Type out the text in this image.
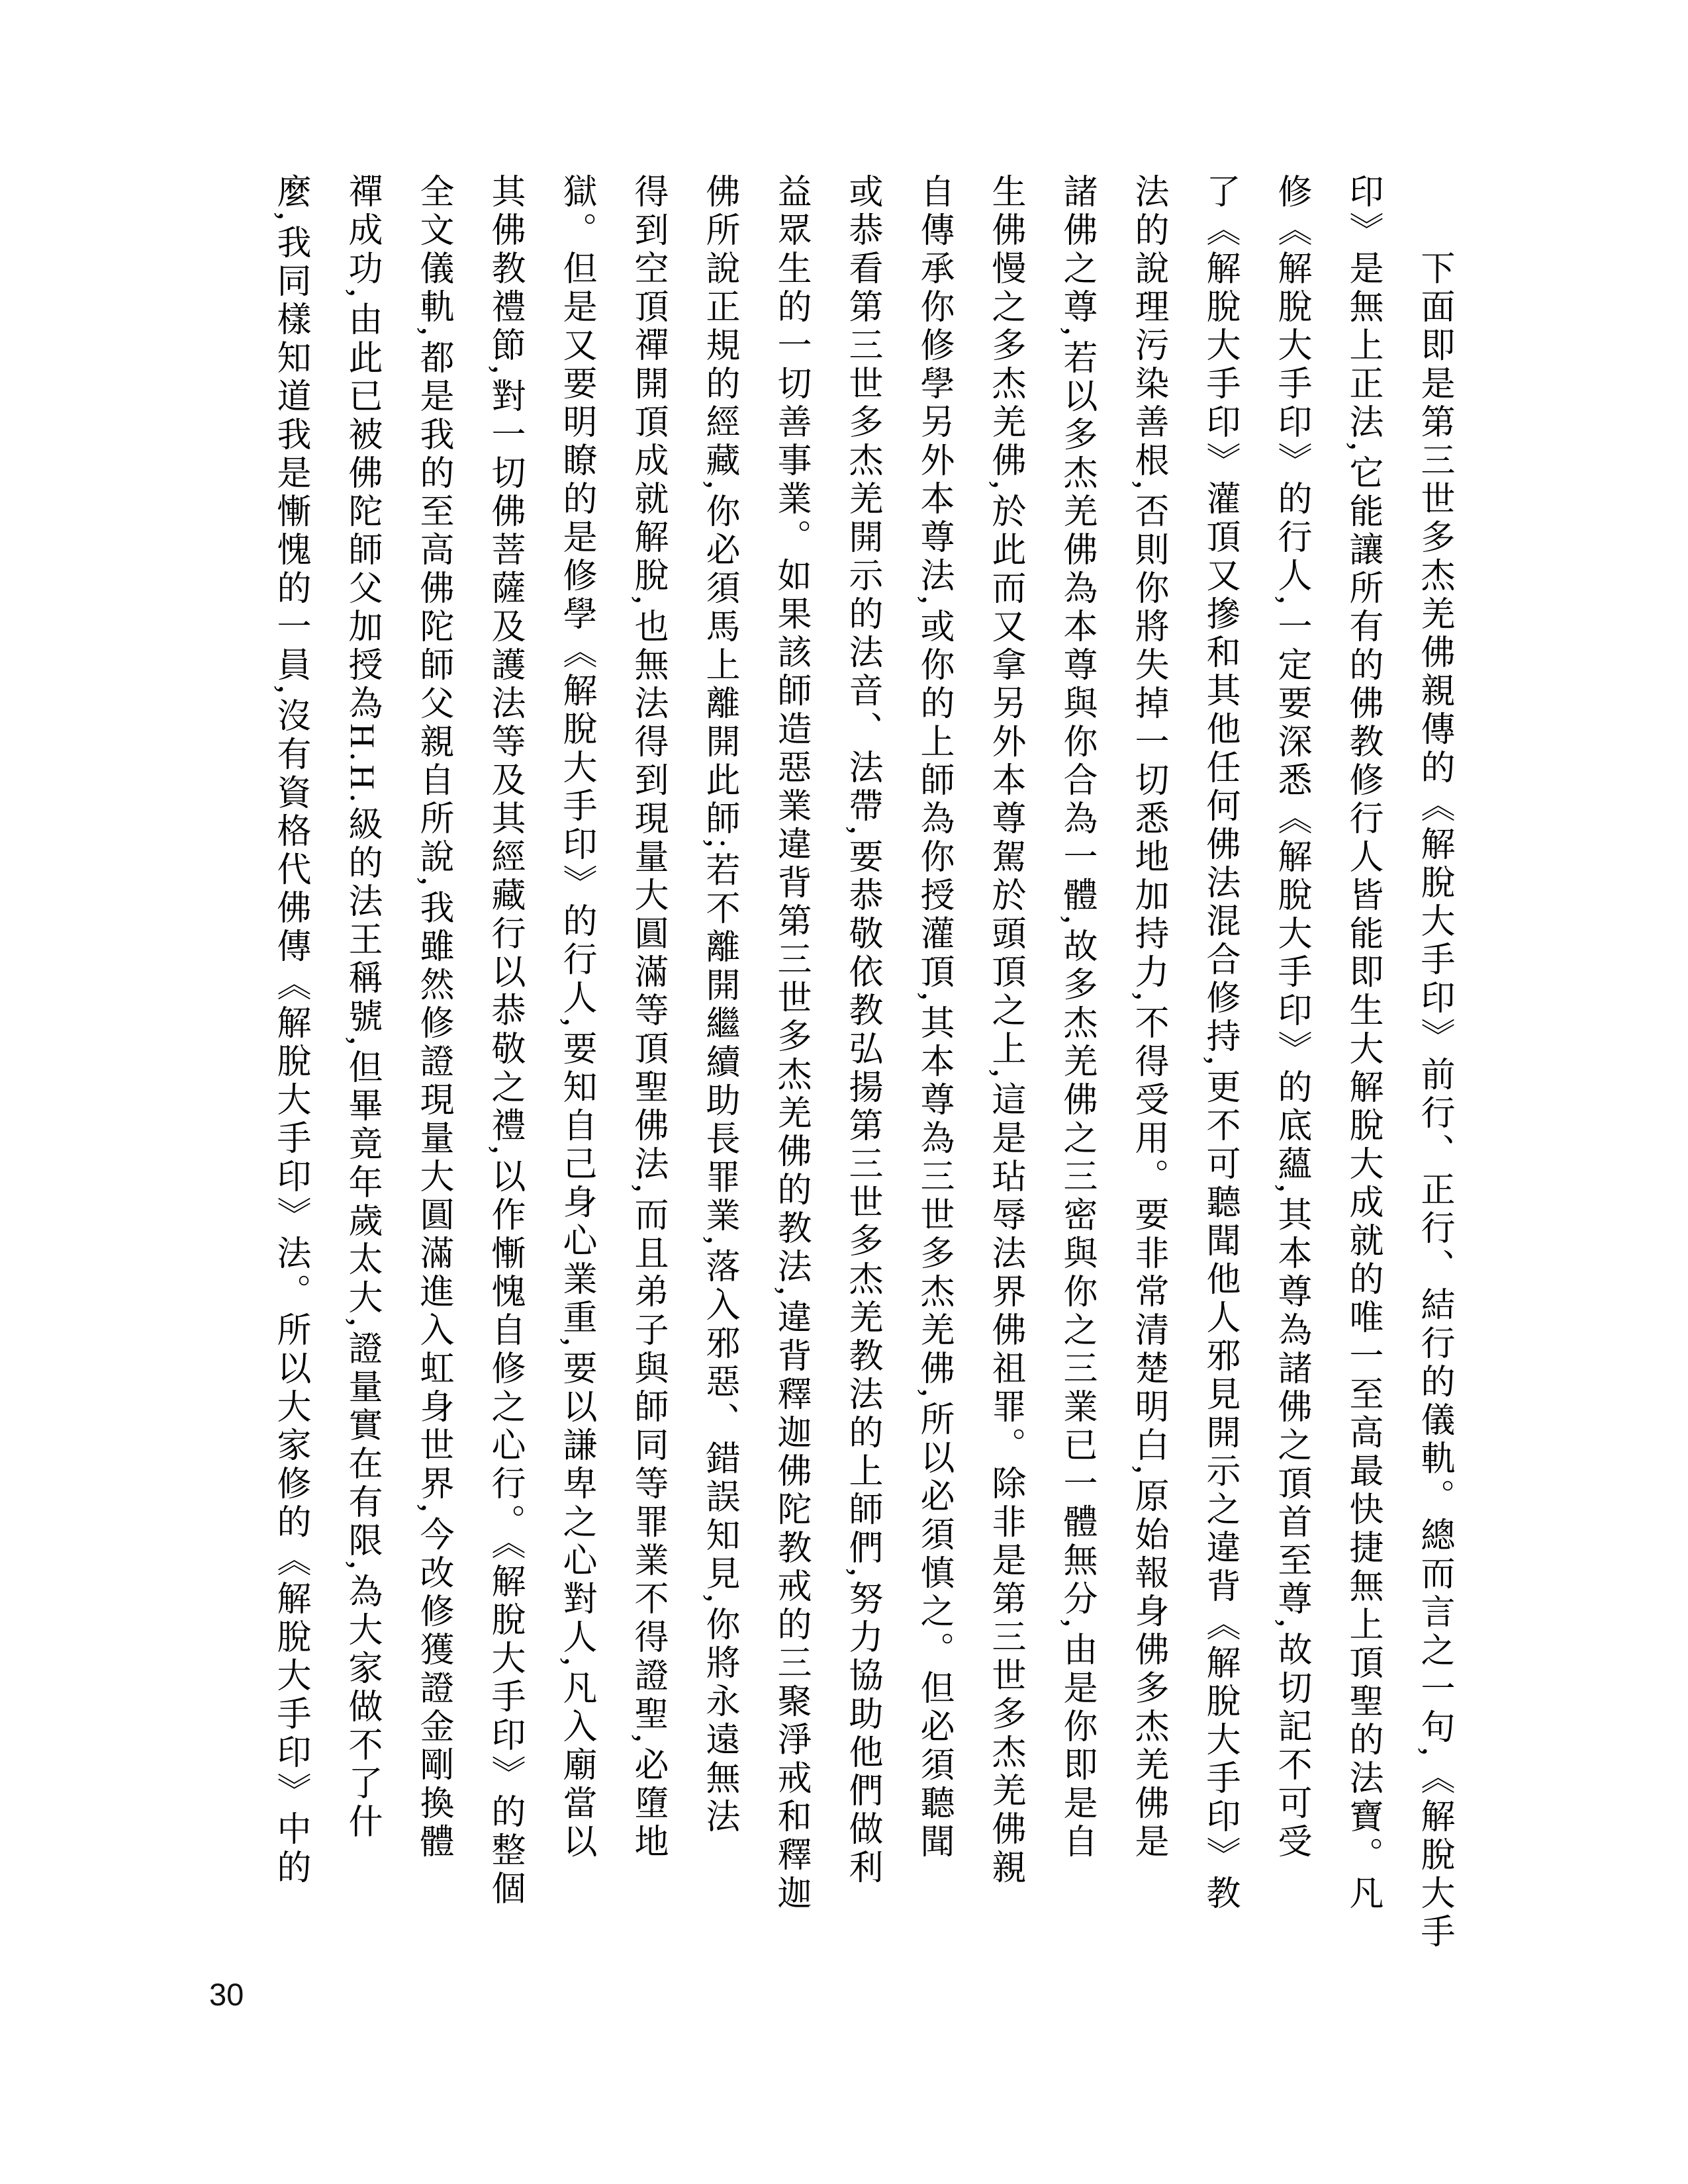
下面即是第三世多杰羌佛親傳的《解脫大手印》前行、正行、結行的儀軌。總而言之一句,《解脫大手
印》是無上正法,它能讓所有的佛教修行人皆能即生大解脫大成就的唯一至高最快捷無上頂聖的法寶。凡
修《解脫大手印》的行人,一定要深悉《解脫大手印》的底蘊,其本尊為諸佛之頂首至尊,故切記不可受
了《解脫大手印》灌頂又摻和其他任何佛法混合修持,更不可聽聞他人邪見開示之違背《解脫大手印》教
法的說理污染善根,否則你將失掉一切悉地加持力,不得受用。要非常清楚明白,原始報身佛多杰羌佛是
諸佛之尊,若以多杰羌佛為本尊與你合為一體,故多杰羌佛之三密與你之三業已一體無分,由是你即是自
生佛慢之多杰羌佛,於此而又拿另外本尊駕於頭頂之上,這是玷辱法界佛祖罪。除非是第三世多杰羌佛親
自傳承你修學另外本尊法,或你的上師為你授灌頂,其本尊為三世多杰羌佛,所以必須慎之。但必須聽聞
或恭看第三世多杰羌開示的法音、法帶,要恭敬依教弘揚第三世多杰羌教法的上師們,努力協助他們做利
益眾生的一切善事業。如果該師造惡業違背第三世多杰羌佛的教法,違背釋迦佛陀教戒的三聚淨戒和釋迦
佛所說正規的經藏,你必須馬上離開此師;若不離開繼續助長罪業,落入邪惡、錯誤知見,你將永遠無法
得到空頂禪開頂成就解脫,也無法得到現量大圓滿等頂聖佛法,而且弟子與師同等罪業不得證聖,必墮地
獄。但是又要明瞭的是修學《解脫大手印》的行人,要知自己身心業重,要以謙卑之心對人,凡入廟當以
其佛教禮節,對一切佛菩薩及護法等及其經藏行以恭敬之禮,以作慚愧自修之心行。《解脫大手印》的整個
全文儀軌,都是我的至高佛陀師父親自所說,我雖然修證現量大圓滿進入虹身世界,今改修獲證金剛換體
禪成功,由此已被佛陀師父加授為H.H.級的法王稱號,但畢竟年歲太大,證量實在有限,為大家做不了什
麼,我同樣知道我是慚愧的一員,沒有資格代佛傳《解脫大手印》法。所以大家修的《解脫大手印》中的
30
